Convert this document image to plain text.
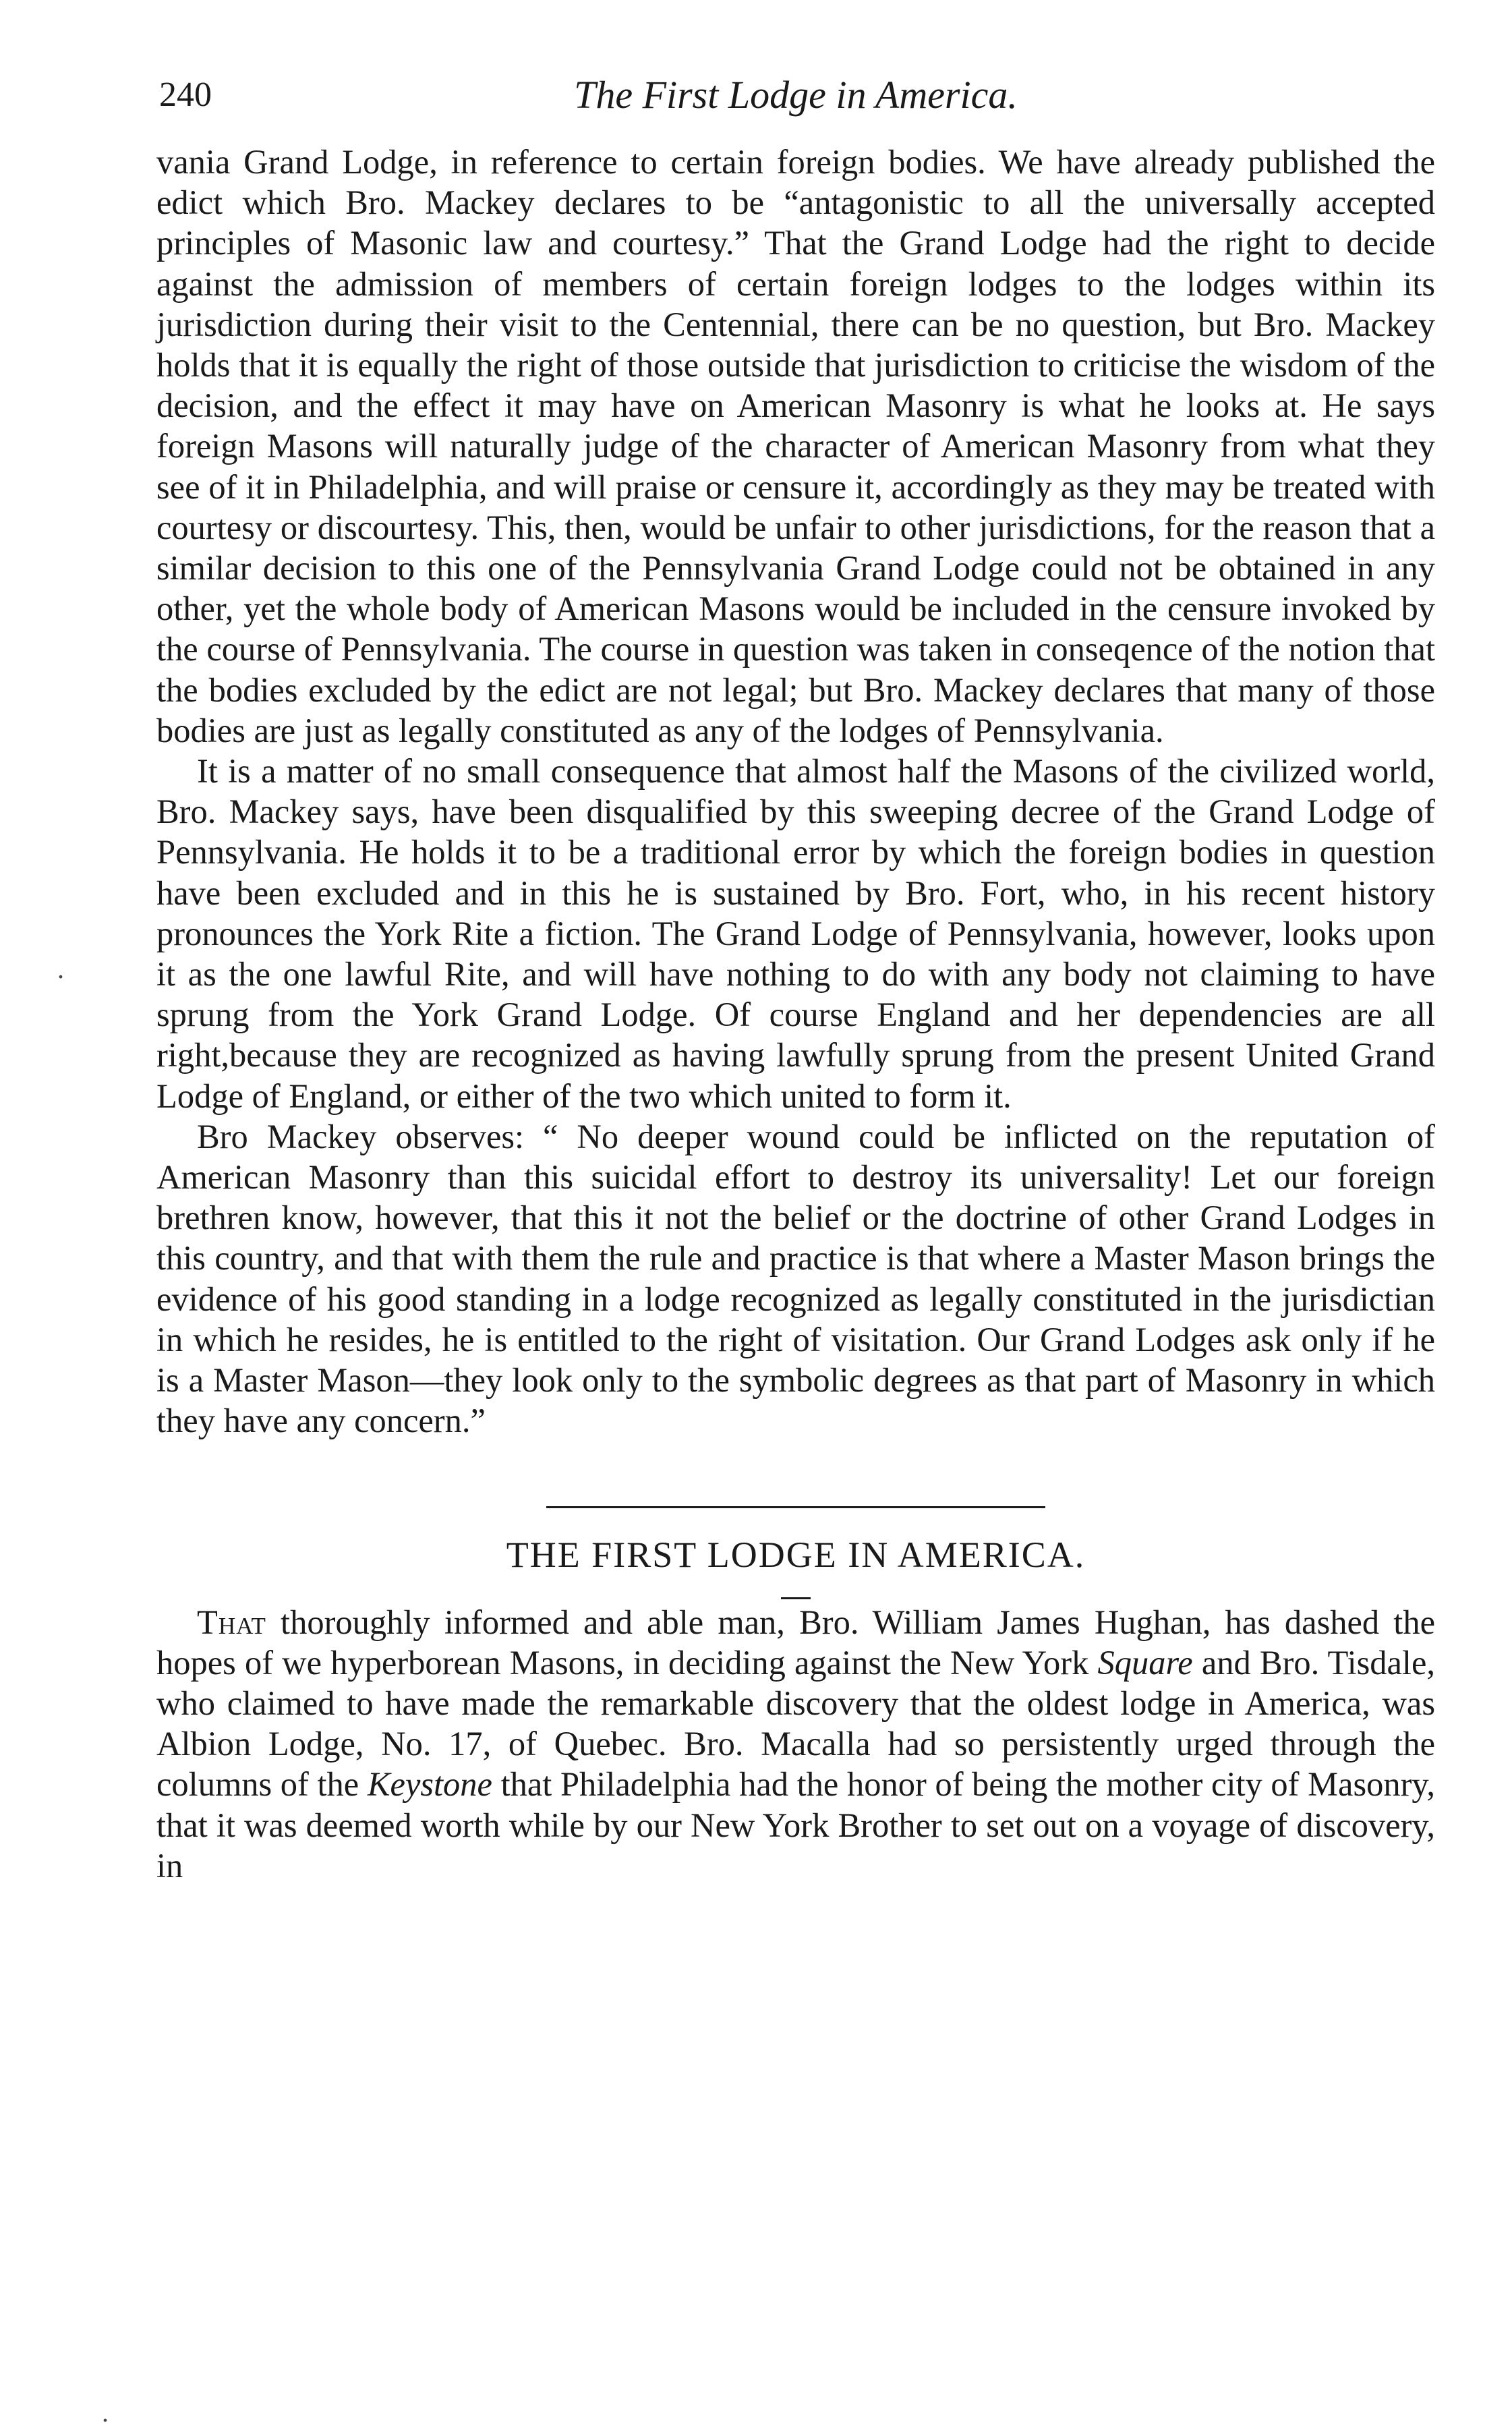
240	The First Lodge in America.

vania Grand Lodge, in reference to certain foreign bodies. We have already published the edict which Bro. Mackey declares to be “antagonistic to all the universally accepted principles of Masonic law and courtesy.” That the Grand Lodge had the right to decide against the admission of members of certain foreign lodges to the lodges within its jurisdiction during their visit to the Centennial, there can be no question, but Bro. Mackey holds that it is equally the right of those outside that jurisdiction to criticise the wisdom of the decision, and the effect it may have on American Masonry is what he looks at. He says foreign Masons will naturally judge of the character of American Masonry from what they see of it in Philadelphia, and will praise or censure it, accordingly as they may be treated with courtesy or discourtesy. This, then, would be unfair to other jurisdictions, for the reason that a similar decision to this one of the Pennsylvania Grand Lodge could not be obtained in any other, yet the whole body of American Masons would be included in the censure invoked by the course of Pennsylvania. The course in question was taken in conseqence of the notion that the bodies excluded by the edict are not legal; but Bro. Mackey declares that many of those bodies are just as legally constituted as any of the lodges of Pennsylvania.

It is a matter of no small consequence that almost half the Masons of the civilized world, Bro. Mackey says, have been disqualified by this sweeping decree of the Grand Lodge of Pennsylvania. He holds it to be a traditional error by which the foreign bodies in question have been excluded and in this he is sustained by Bro. Fort, who, in his recent history pronounces the York Rite a fiction. The Grand Lodge of Pennsylvania, however, looks upon it as the one lawful Rite, and will have nothing to do with any body not claiming to have sprung from the York Grand Lodge. Of course England and her dependencies are all right,because they are recognized as having lawfully sprung from the present United Grand Lodge of England, or either of the two which united to form it.

Bro Mackey observes: “ No deeper wound could be inflicted on the reputation of American Masonry than this suicidal effort to destroy its universality! Let our foreign brethren know, however, that this it not the belief or the doctrine of other Grand Lodges in this country, and that with them the rule and practice is that where a Master Mason brings the evidence of his good standing in a lodge recognized as legally constituted in the jurisdictian in which he resides, he is entitled to the right of visitation. Our Grand Lodges ask only if he is a Master Mason—they look only to the symbolic degrees as that part of Masonry in which they have any concern.”

THE FIRST LODGE IN AMERICA.

That thoroughly informed and able man, Bro. William James Hughan, has dashed the hopes of we hyperborean Masons, in deciding against the New York Square and Bro. Tisdale, who claimed to have made the remarkable discovery that the oldest lodge in America, was Albion Lodge, No. 17, of Quebec. Bro. Macalla had so persistently urged through the columns of the Keystone that Philadelphia had the honor of being the mother city of Masonry, that it was deemed worth while by our New York Brother to set out on a voyage of discovery, in

․
․
